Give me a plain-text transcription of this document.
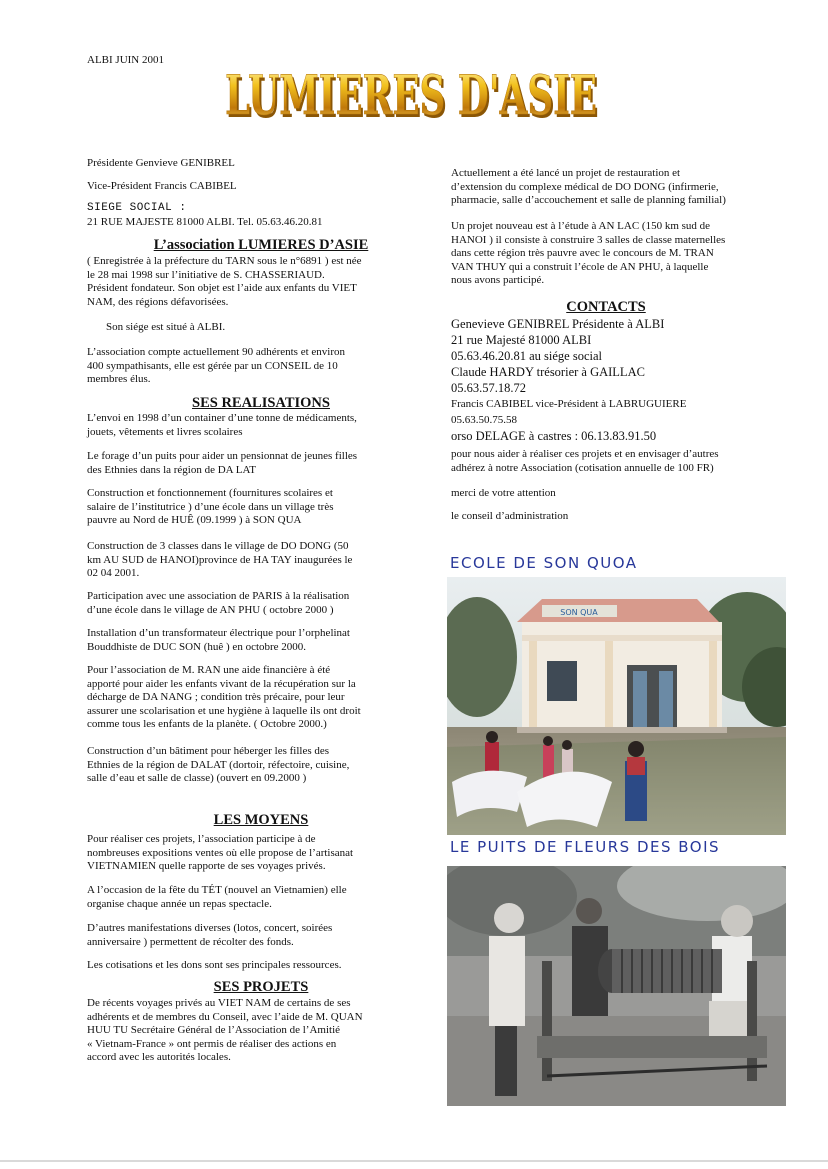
ALBI JUIN 2001
LUMIERES D'ASIE
LUMIERES D'ASIE
Présidente Genvieve GENIBREL
Vice-Président Francis CABIBEL
SIEGE SOCIAL :
21 RUE MAJESTE 81000 ALBI. Tel. 05.63.46.20.81
L’association LUMIERES D’ASIE
( Enregistrée à la préfecture du TARN sous le n°6891 ) est née
le 28 mai 1998 sur l’initiative de S. CHASSERIAUD.
Président fondateur. Son objet est l’aide aux enfants du VIET
NAM, des régions défavorisées.
Son siége est situé à ALBI.
L’association compte actuellement 90 adhérents et environ
400 sympathisants, elle est gérée par un CONSEIL de 10
membres élus.
SES REALISATIONS
L’envoi en 1998 d’un container d’une tonne de médicaments,
jouets, vêtements et livres scolaires
Le forage d’un puits pour aider un pensionnat de jeunes filles
des Ethnies dans la région de DA LAT
Construction et fonctionnement (fournitures scolaires et
salaire de l’institutrice ) d’une école dans un village très
pauvre au Nord de HUÊ (09.1999 ) à SON QUA
Construction de 3 classes dans le village de DO DONG (50
km AU SUD de HANOI)province de HA TAY inaugurées le
02 04 2001.
Participation avec une association de PARIS à la réalisation
d’une école dans le village de AN PHU ( octobre 2000 )
Installation d’un transformateur électrique pour l’orphelinat
Bouddhiste de DUC SON (huê ) en octobre 2000.
Pour l’association de M. RAN une aide financière à été
apporté pour aider les enfants vivant de la récupération sur la
décharge de DA NANG ; condition très précaire, pour leur
assurer une scolarisation et une hygiène à laquelle ils ont droit
comme tous les enfants de la planète. ( Octobre 2000.)
Construction d’un bâtiment pour héberger les filles des
Ethnies de la région de DALAT (dortoir, réfectoire, cuisine,
salle d’eau et salle de classe) (ouvert en 09.2000 )
LES MOYENS
Pour réaliser ces projets, l’association participe à de
nombreuses expositions ventes où elle propose de l’artisanat
VIETNAMIEN quelle rapporte de ses voyages privés.
A l’occasion de la fête du TÉT (nouvel an Vietnamien) elle
organise chaque année un repas spectacle.
D’autres manifestations diverses (lotos, concert, soirées
anniversaire ) permettent de récolter des fonds.
Les cotisations et les dons sont ses principales ressources.
SES PROJETS
De récents voyages privés au VIET NAM de certains de ses
adhérents et de membres du Conseil, avec l’aide de M. QUAN
HUU TU Secrétaire Général de l’Association de l’Amitié
« Vietnam-France » ont permis de réaliser des actions en
accord avec les autorités locales.
Actuellement a été lancé un projet de restauration et
d’extension du complexe médical de DO DONG (infirmerie,
pharmacie, salle d’accouchement et salle de planning familial)
Un projet nouveau est à l’étude à AN LAC (150 km sud de
HANOI ) il consiste à construire 3 salles de classe maternelles
dans cette région très pauvre avec le concours de M. TRAN
VAN THUY qui a construit l’école de AN PHU, à laquelle
nous avons participé.
CONTACTS
Genevieve GENIBREL Présidente à ALBI
21 rue Majesté 81000 ALBI
05.63.46.20.81 au siége social
Claude HARDY trésorier à GAILLAC
05.63.57.18.72
Francis CABIBEL vice-Président à LABRUGUIERE
05.63.50.75.58
orso DELAGE à castres : 06.13.83.91.50
pour nous aider à réaliser ces projets et en envisager d’autres
adhérez à notre Association (cotisation annuelle de 100 FR)
merci de votre attention
le conseil d’administration
ECOLE DE SON QUOA
SON QUA
LE PUITS DE FLEURS DES BOIS
